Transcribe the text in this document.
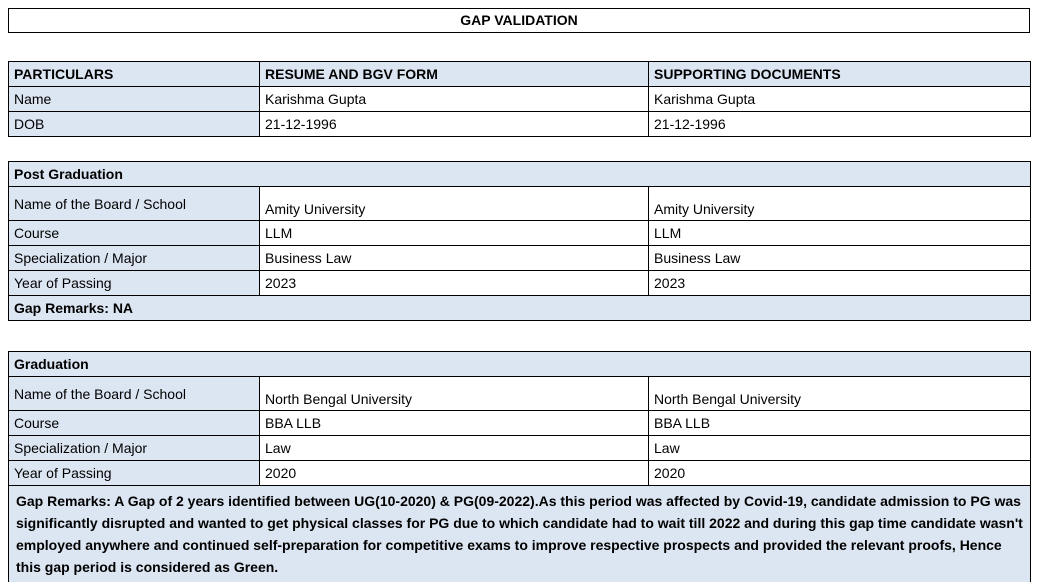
GAP VALIDATION
PARTICULARS	RESUME AND BGV FORM	SUPPORTING DOCUMENTS
Name	Karishma Gupta	Karishma Gupta
DOB	21-12-1996	21-12-1996
Post Graduation		
Name of the Board / School	Amity University	Amity University
Course	LLM	LLM
Specialization / Major	Business Law	Business Law
Year of Passing	2023	2023
Gap Remarks: NA		
Graduation		
Name of the Board / School	North Bengal University	North Bengal University
Course	BBA LLB	BBA LLB
Specialization / Major	Law	Law
Year of Passing	2020	2020
Gap Remarks: A Gap of 2 years identified between UG(10-2020) & PG(09-2022).As this period was affected by Covid-19, candidate admission to PG was significantly disrupted and wanted to get physical classes for PG due to which candidate had to wait till 2022 and during this gap time candidate wasn't employed anywhere and continued self-preparation for competitive exams to improve respective prospects and provided the relevant proofs, Hence this gap period is considered as Green.		
